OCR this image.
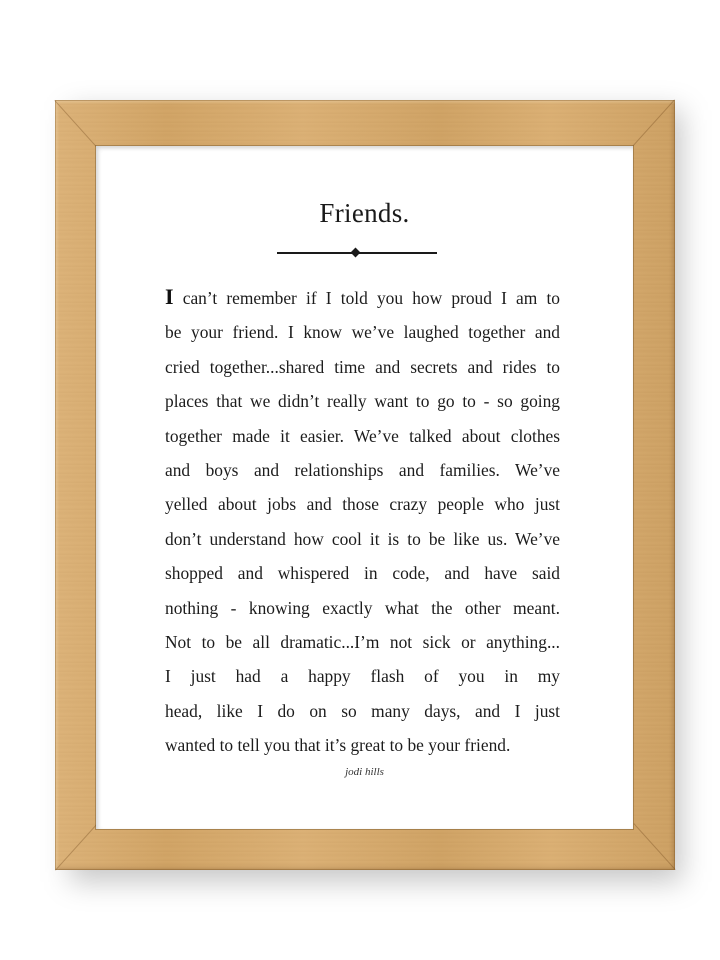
Friends.
I can’t remember if I told you how proud I am to
be your friend. I know we’ve laughed together and
cried together...shared time and secrets and rides to
places that we didn’t really want to go to - so going
together made it easier. We’ve talked about clothes
and boys and relationships and families. We’ve
yelled about jobs and those crazy people who just
don’t understand how cool it is to be like us. We’ve
shopped and whispered in code, and have said
nothing - knowing exactly what the other meant.
Not to be all dramatic...I’m not sick or anything...
I just had a happy flash of you in my
head, like I do on so many days, and I just
wanted to tell you that it’s great to be your friend.
jodi hills
